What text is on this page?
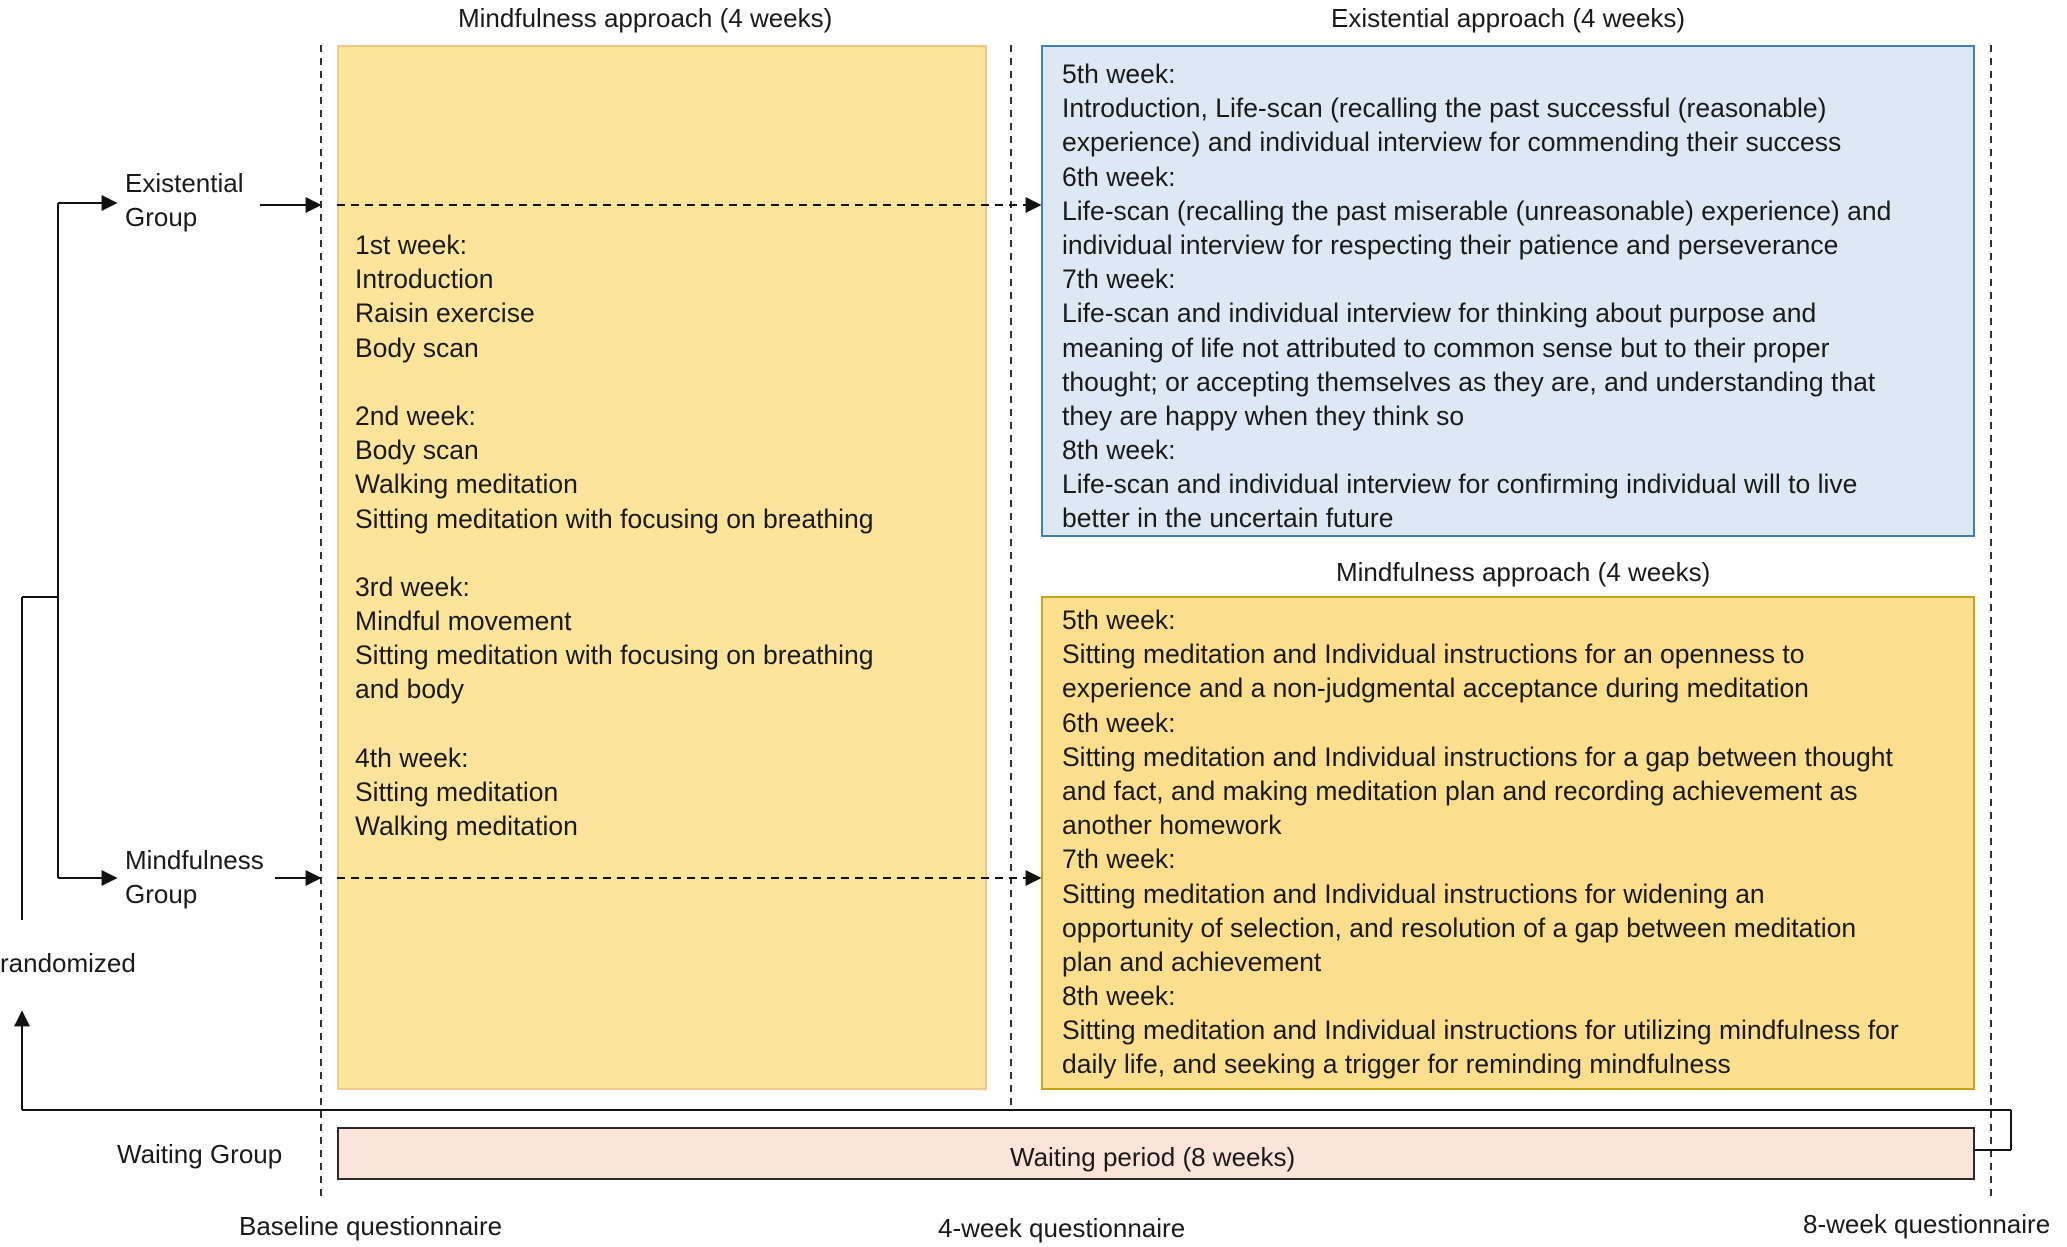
Mindfulness approach (4 weeks)	Existential approach (4 weeks)
Mindfulness approach (4 weeks)
Existential
Group
Mindfulness
Group
Waiting Group
randomized
1st week:
Introduction
Raisin exercise
Body scan
2nd week:
Body scan
Walking meditation
Sitting meditation with focusing on breathing
3rd week:
Mindful movement
Sitting meditation with focusing on breathing
and body
4th week:
Sitting meditation
Walking meditation
5th week:
Introduction, Life-scan (recalling the past successful (reasonable)
experience) and individual interview for commending their success
6th week:
Life-scan (recalling the past miserable (unreasonable) experience) and
individual interview for respecting their patience and perseverance
7th week:
Life-scan and individual interview for thinking about purpose and
meaning of life not attributed to common sense but to their proper
thought; or accepting themselves as they are, and understanding that
they are happy when they think so
8th week:
Life-scan and individual interview for confirming individual will to live
better in the uncertain future
5th week:
Sitting meditation and Individual instructions for an openness to
experience and a non-judgmental acceptance during meditation
6th week:
Sitting meditation and Individual instructions for a gap between thought
and fact, and making meditation plan and recording achievement as
another homework
7th week:
Sitting meditation and Individual instructions for widening an
opportunity of selection, and resolution of a gap between meditation
plan and achievement
8th week:
Sitting meditation and Individual instructions for utilizing mindfulness for
daily life, and seeking a trigger for reminding mindfulness
Waiting period (8 weeks)
Baseline questionnaire	4-week questionnaire	8-week questionnaire
